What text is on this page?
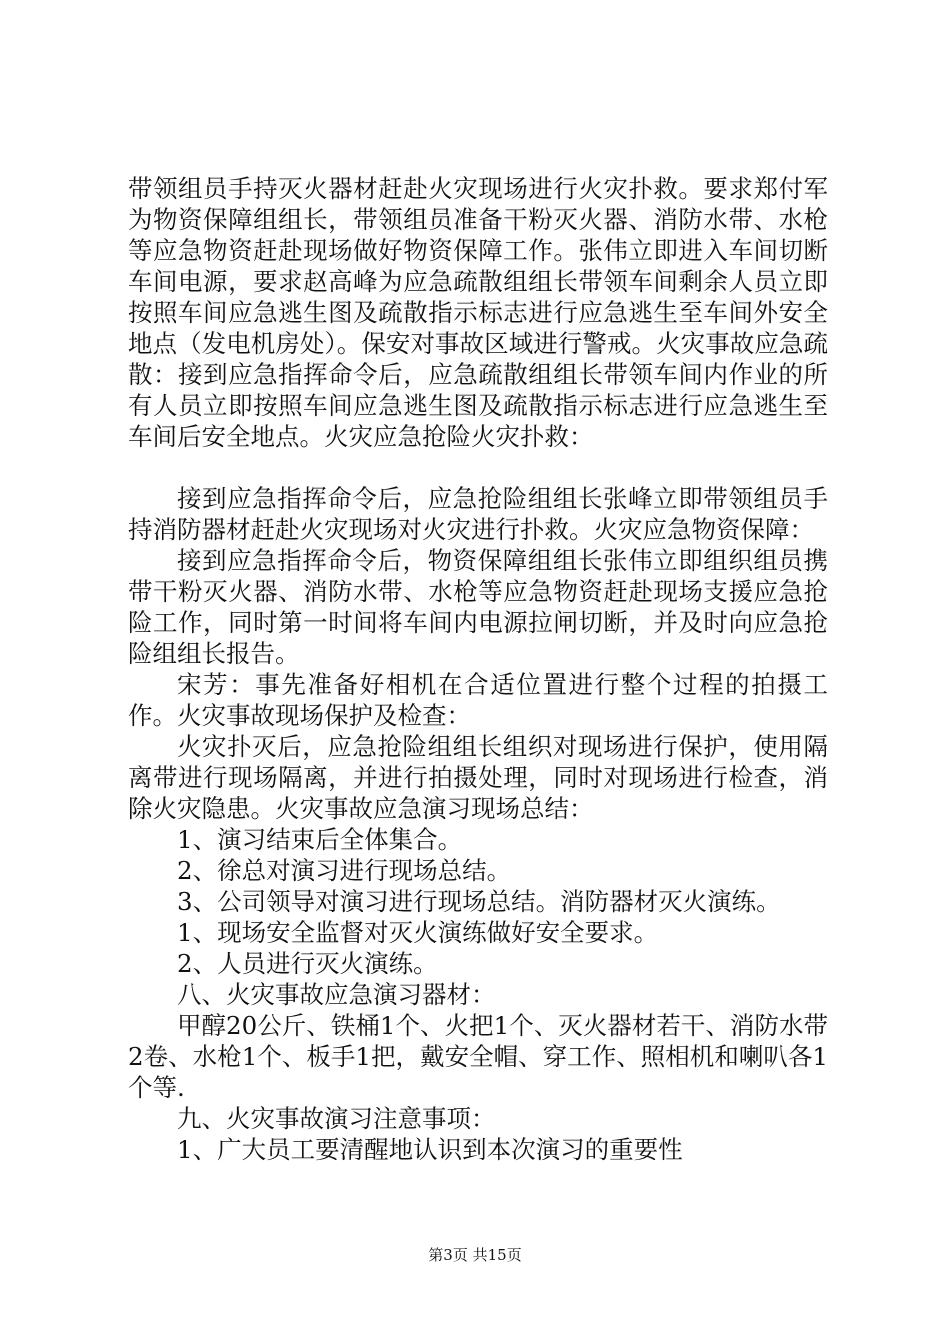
带领组员手持灭火器材赶赴火灾现场进行火灾扑救。要求郑付军为物资保障组组长，带领组员准备干粉灭火器、消防水带、水枪等应急物资赶赴现场做好物资保障工作。张伟立即进入车间切断车间电源，要求赵高峰为应急疏散组组长带领车间剩余人员立即按照车间应急逃生图及疏散指示标志进行应急逃生至车间外安全地点（发电机房处）。保安对事故区域进行警戒。火灾事故应急疏散：接到应急指挥命令后，应急疏散组组长带领车间内作业的所有人员立即按照车间应急逃生图及疏散指示标志进行应急逃生至车间后安全地点。火灾应急抢险火灾扑救：

接到应急指挥命令后，应急抢险组组长张峰立即带领组员手持消防器材赶赴火灾现场对火灾进行扑救。火灾应急物资保障：

接到应急指挥命令后，物资保障组组长张伟立即组织组员携带干粉灭火器、消防水带、水枪等应急物资赶赴现场支援应急抢险工作，同时第一时间将车间内电源拉闸切断，并及时向应急抢险组组长报告。

宋芳：事先准备好相机在合适位置进行整个过程的拍摄工作。火灾事故现场保护及检查：

火灾扑灭后，应急抢险组组长组织对现场进行保护，使用隔离带进行现场隔离，并进行拍摄处理，同时对现场进行检查，消除火灾隐患。火灾事故应急演习现场总结：

1、演习结束后全体集合。

2、徐总对演习进行现场总结。

3、公司领导对演习进行现场总结。消防器材灭火演练。

1、现场安全监督对灭火演练做好安全要求。

2、人员进行灭火演练。

八、火灾事故应急演习器材：

甲醇20公斤、铁桶1个、火把1个、灭火器材若干、消防水带2卷、水枪1个、板手1把，戴安全帽、穿工作、照相机和喇叭各1个等.

九、火灾事故演习注意事项：

1、广大员工要清醒地认识到本次演习的重要性

第3页 共15页
